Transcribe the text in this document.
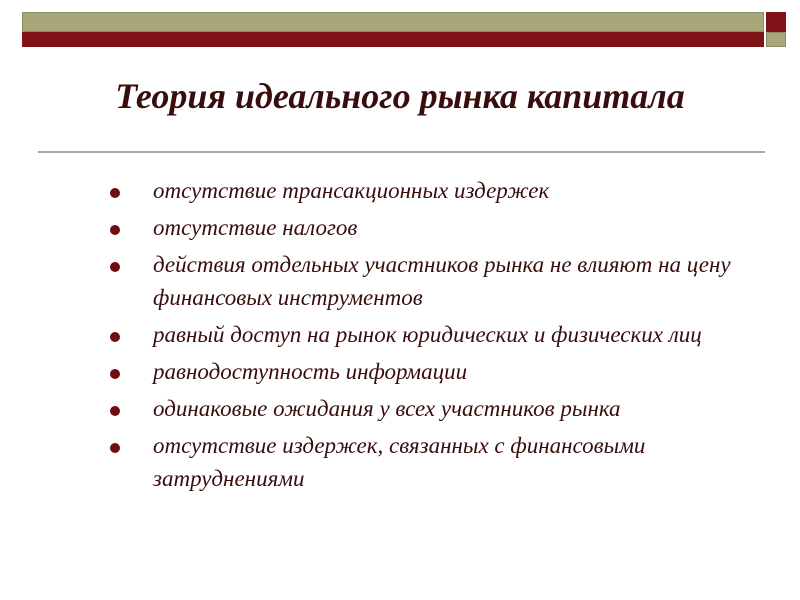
Теория идеального рынка капитала
отсутствие трансакционных издержек
отсутствие налогов
действия отдельных участников рынка не влияют на цену финансовых инструментов
равный доступ на рынок юридических и физических лиц
равнодоступность информации
одинаковые ожидания у всех участников рынка
отсутствие издержек, связанных с финансовыми затруднениями
